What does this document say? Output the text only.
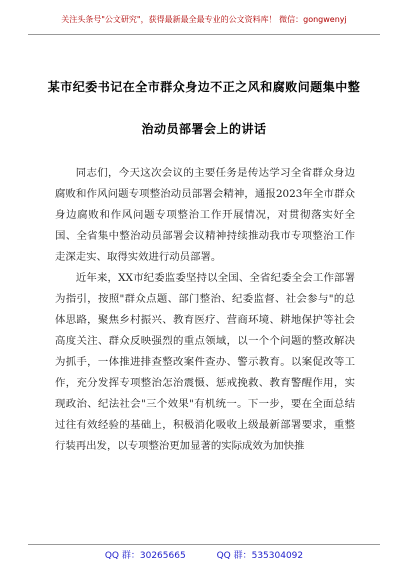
关注头条号"公文研究"，获得最新最全最专业的公文资料库！ 微信：gongwenyj
某市纪委书记在全市群众身边不正之风和腐败问题集中整
治动员部署会上的讲话

同志们，今天这次会议的主要任务是传达学习全省群众身边腐败和作风问题专项整治动员部署会精神，通报2023年全市群众身边腐败和作风问题专项整治工作开展情况，对贯彻落实好全国、全省集中整治动员部署会议精神持续推动我市专项整治工作走深走实、取得实效进行动员部署。

近年来，XX市纪委监委坚持以全国、全省纪委全会工作部署为指引，按照"群众点题、部门整治、纪委监督、社会参与"的总体思路，聚焦乡村振兴、教育医疗、营商环境、耕地保护等社会高度关注、群众反映强烈的重点领域，以一个个问题的整改解决为抓手，一体推进排查整改案件查办、警示教育。以案促改等工作，充分发挥专项整治怎治震慑、惩戒挽救、教育警醒作用，实现政治、纪法社会"三个效果"有机统一。下一步，要在全面总结过往有效经验的基础上，积极消化吸收上级最新部署要求，重整行装再出发，以专项整治更加显著的实际成效为加快推

QQ 群：30265665	QQ 群：535304092
